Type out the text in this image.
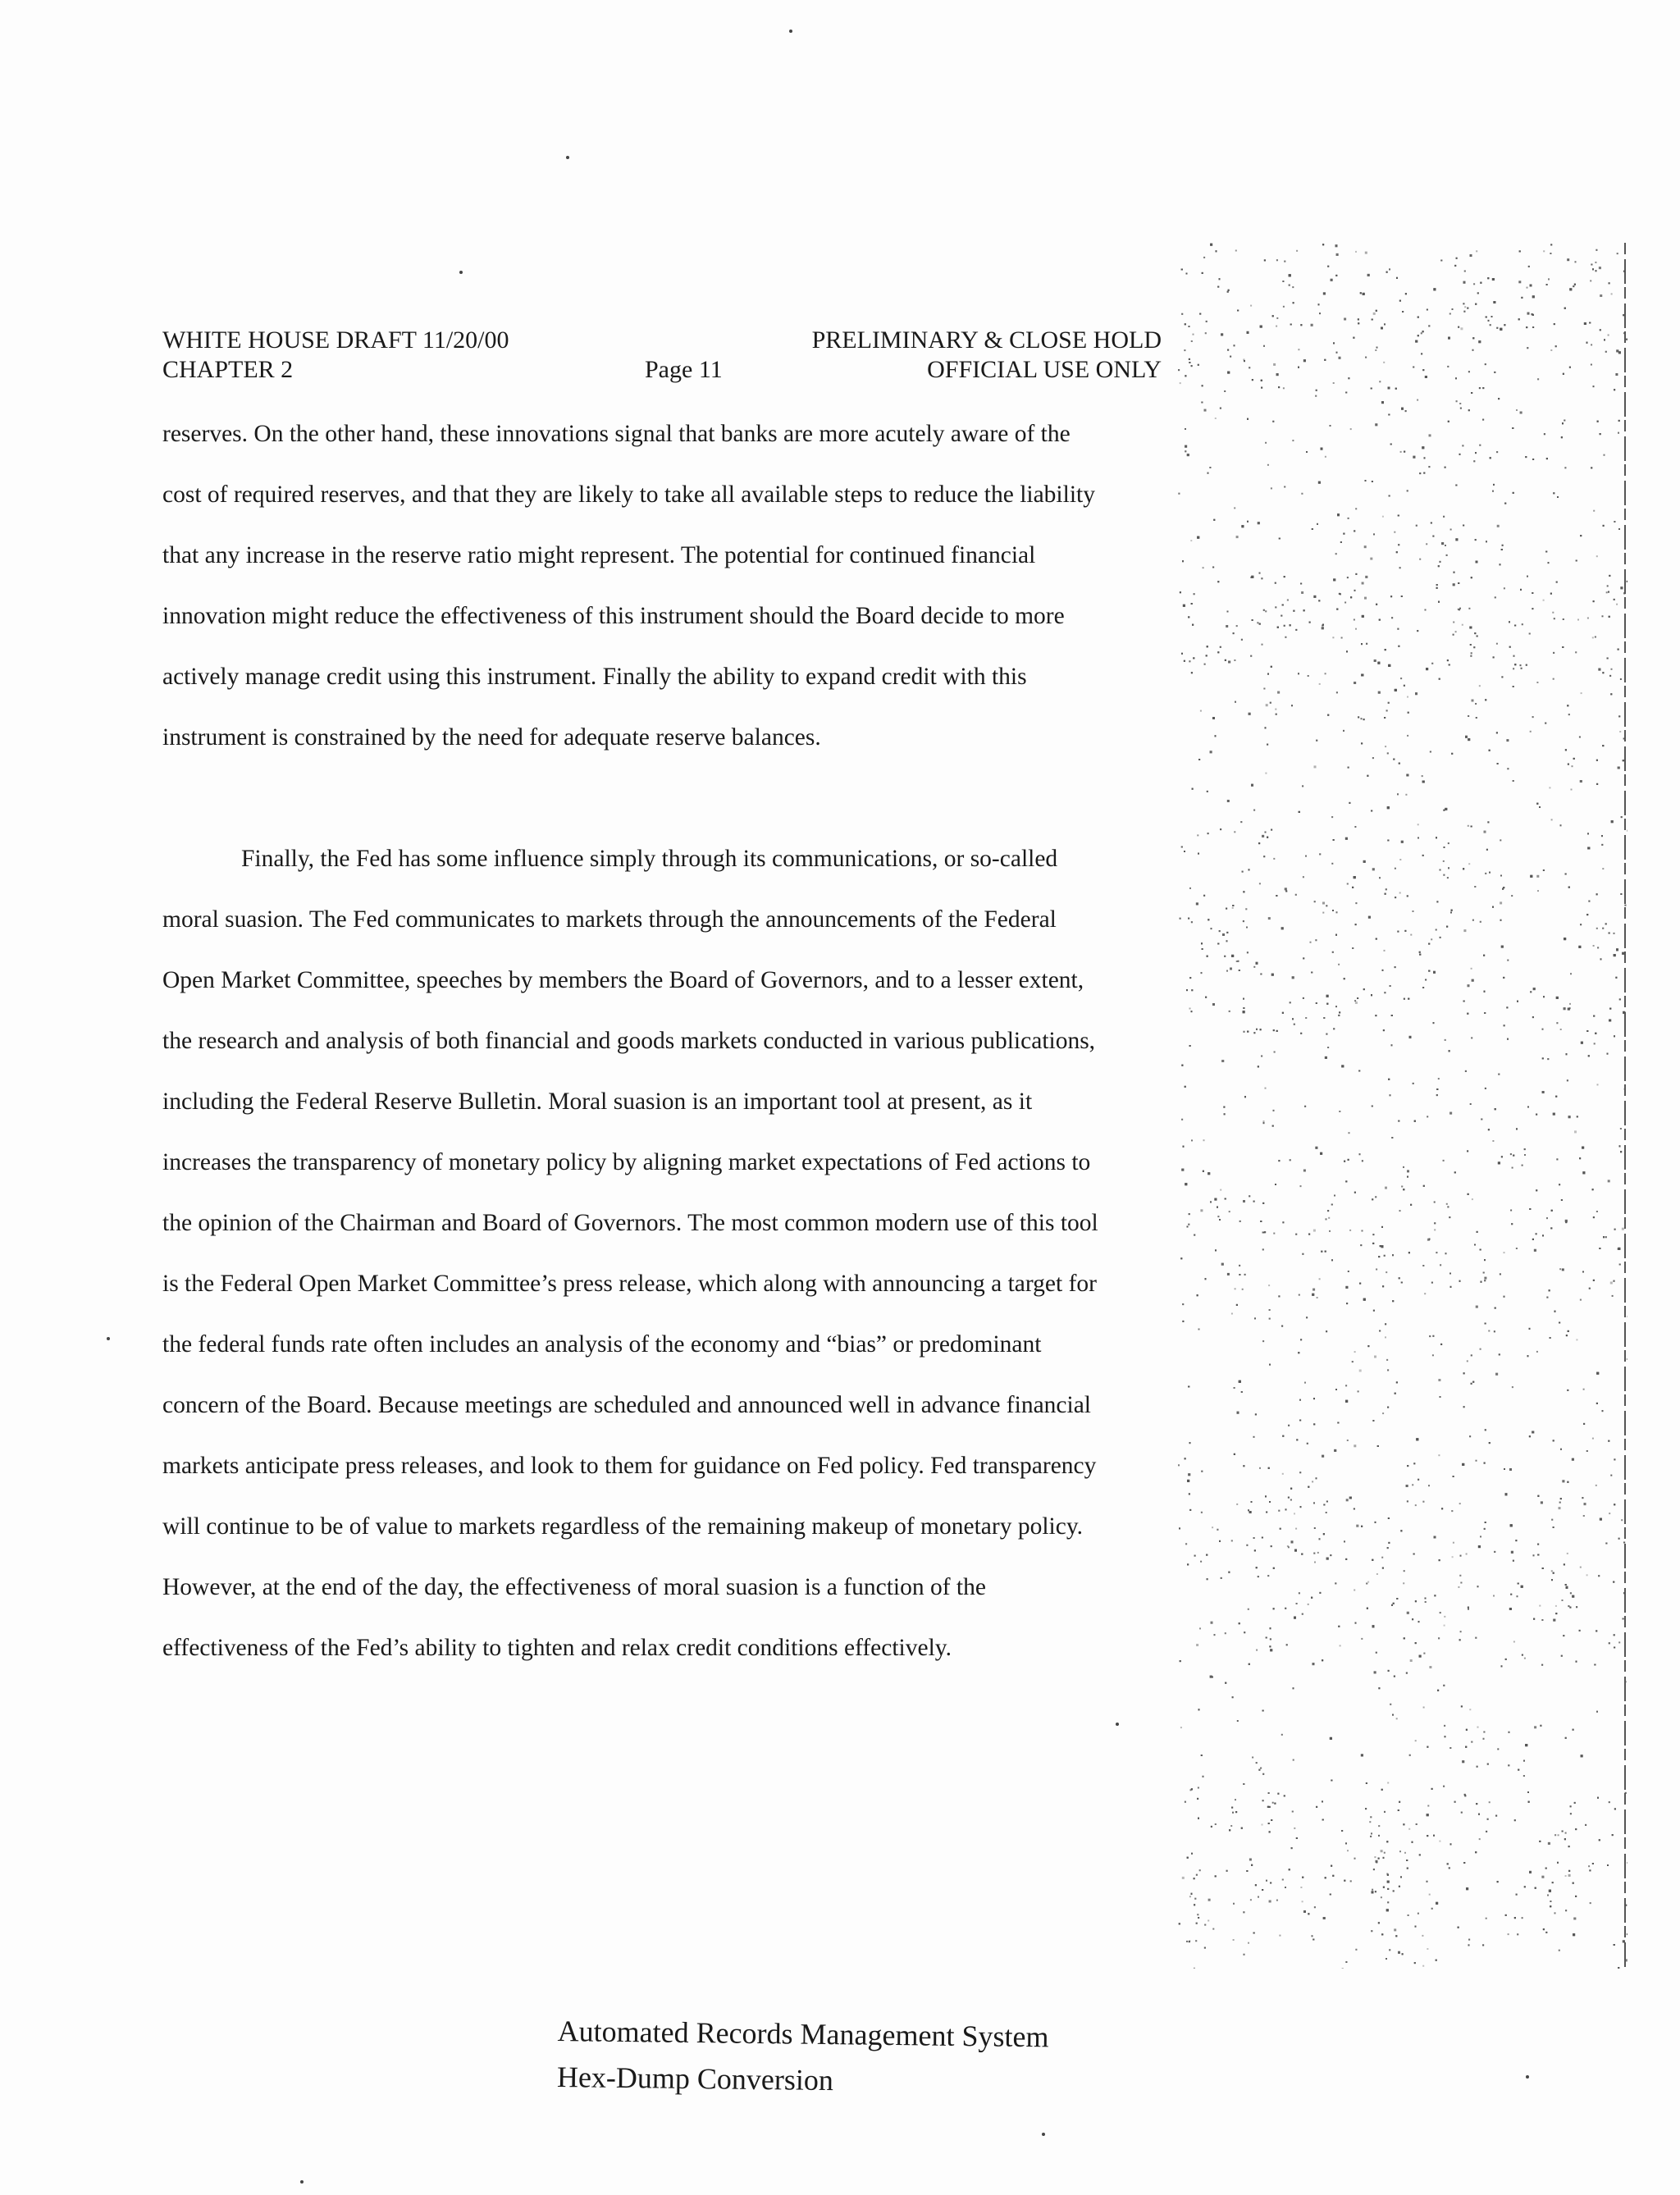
WHITE HOUSE DRAFT 11/20/00	PRELIMINARY & CLOSE HOLD
CHAPTER 2	Page 11	OFFICIAL USE ONLY
reserves. On the other hand, these innovations signal that banks are more acutely aware of the
cost of required reserves, and that they are likely to take all available steps to reduce the liability
that any increase in the reserve ratio might represent. The potential for continued financial
innovation might reduce the effectiveness of this instrument should the Board decide to more
actively manage credit using this instrument. Finally the ability to expand credit with this
instrument is constrained by the need for adequate reserve balances.
Finally, the Fed has some influence simply through its communications, or so-called
moral suasion. The Fed communicates to markets through the announcements of the Federal
Open Market Committee, speeches by members the Board of Governors, and to a lesser extent,
the research and analysis of both financial and goods markets conducted in various publications,
including the Federal Reserve Bulletin. Moral suasion is an important tool at present, as it
increases the transparency of monetary policy by aligning market expectations of Fed actions to
the opinion of the Chairman and Board of Governors. The most common modern use of this tool
is the Federal Open Market Committee’s press release, which along with announcing a target for
the federal funds rate often includes an analysis of the economy and “bias” or predominant
concern of the Board. Because meetings are scheduled and announced well in advance financial
markets anticipate press releases, and look to them for guidance on Fed policy. Fed transparency
will continue to be of value to markets regardless of the remaining makeup of monetary policy.
However, at the end of the day, the effectiveness of moral suasion is a function of the
effectiveness of the Fed’s ability to tighten and relax credit conditions effectively.
Automated Records Management System
Hex-Dump Conversion
